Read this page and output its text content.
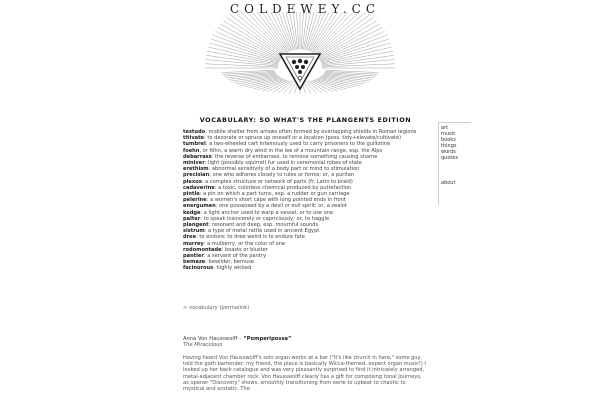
COLDEWEY.CC
VOCABULARY: SO WHAT'S THE PLANGENTS EDITION
testudo: mobile shelter from arrows often formed by overlapping shields in Roman legions
titivate: to decorate or spruce up oneself or a location (poss. tidy+elevate/cultivate)
tumbrel: a two-wheeled cart infamously used to carry prisoners to the guillotine
foehn, or föhn, a warm dry wind in the lee of a mountain range, esp. the Alps
debarrass: the reverse of embarrass, to remove something causing shame
miniver: light (possibly squirrel) fur used in ceremonial robes of state
erethism: abnormal sensitivity of a body part or mind to stimulation
precisian: one who adheres closely to rules or forms; or, a puritan
plexus: a complex structure or network of parts (fr. Latin to braid)
cadaverine: a toxic, colorless chemical produced by putrefaction
pintle: a pin on which a part turns, esp. a rudder or gun carriage
pelerine: a women's short cape with long pointed ends in front
energumen: one possessed by a devil or evil spirit; or, a zealot
kedge: a light anchor used to warp a vessel, or to use one
palter: to speak insincerely or capriciously; or, to haggle
plangent: resonant and deep, esp. mournful sounds
sistrum: a type of metal rattle used in ancient Egypt
dree: to endure; to dree weird is to endure fate
murrey: a mulberry, or the color of one
rodomontade: boasts or bluster
pantler: a servant of the pantry
bemaze: bewilder, bemuse
facinorous: highly wicked
> vocabulary (permalink)
art
music
books
things
words
quotes
about
Anna Von Hausswolff – “Pomperipossa”
The Miraculous

Having heard Von Hausswolff's solo organ works at a bar ("it's like church in here," some guy told the goth bartender; my friend, the place is basically Wicca-themed, expect organ music!) I looked up her back catalogue and was very pleasantly surprised to find it intricately arranged, metal-adjacent chamber rock. Von Hausswolff clearly has a gift for composing tonal journeys, as opener "Discovery" shows, smoothly transitioning from eerie to upbeat to chaotic to mystical and ecstatic. The
